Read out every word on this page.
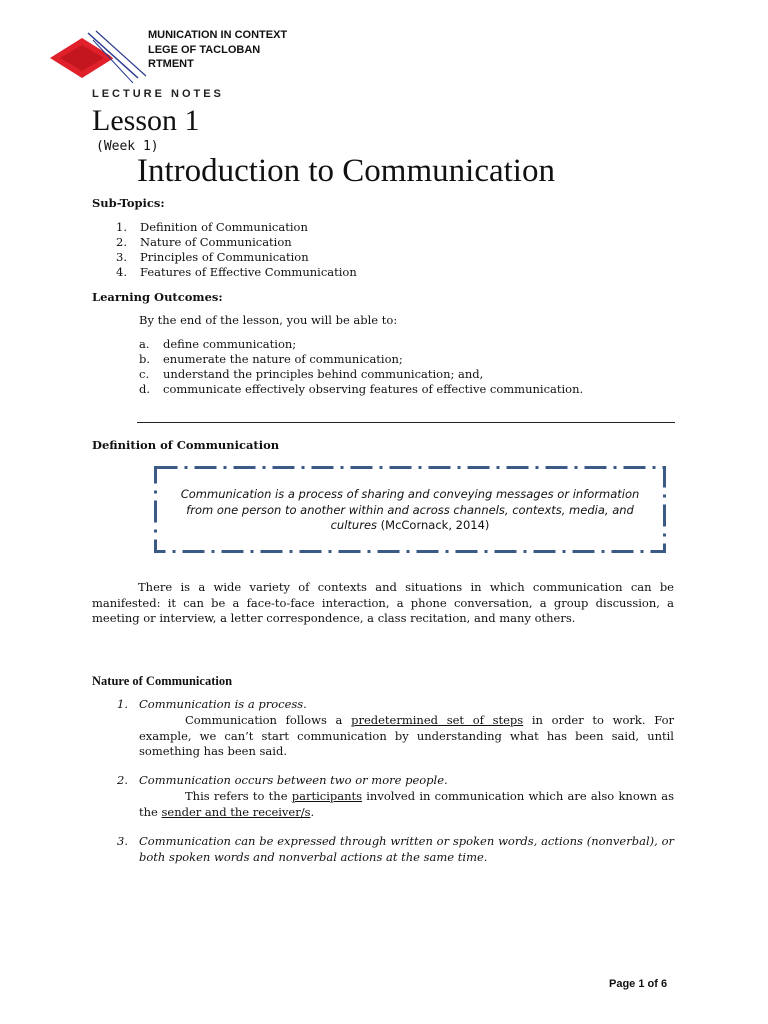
MUNICATION IN CONTEXT
LEGE OF TACLOBAN
RTMENT
LECTURE NOTES
Lesson 1
(Week 1)
Introduction to Communication
Sub-Topics:
1.	Definition of Communication
2.	Nature of Communication
3.	Principles of Communication
4.	Features of Effective Communication
Learning Outcomes:
By the end of the lesson, you will be able to:
a.	define communication;
b.	enumerate the nature of communication;
c.	understand the principles behind communication; and,
d.	communicate effectively observing features of effective communication.
Definition of Communication
Communication is a process of sharing and conveying messages or information from one person to another within and across channels, contexts, media, and cultures (McCornack, 2014)
There is a wide variety of contexts and situations in which communication can be manifested: it can be a face-to-face interaction, a phone conversation, a group discussion, a meeting or interview, a letter correspondence, a class recitation, and many others.
Nature of Communication
1. Communication is a process.
Communication follows a predetermined set of steps in order to work. For example, we can’t start communication by understanding what has been said, until something has been said.
2. Communication occurs between two or more people.
This refers to the participants involved in communication which are also known as the sender and the receiver/s.
3. Communication can be expressed through written or spoken words, actions (nonverbal), or both spoken words and nonverbal actions at the same time.
Page 1 of 6
